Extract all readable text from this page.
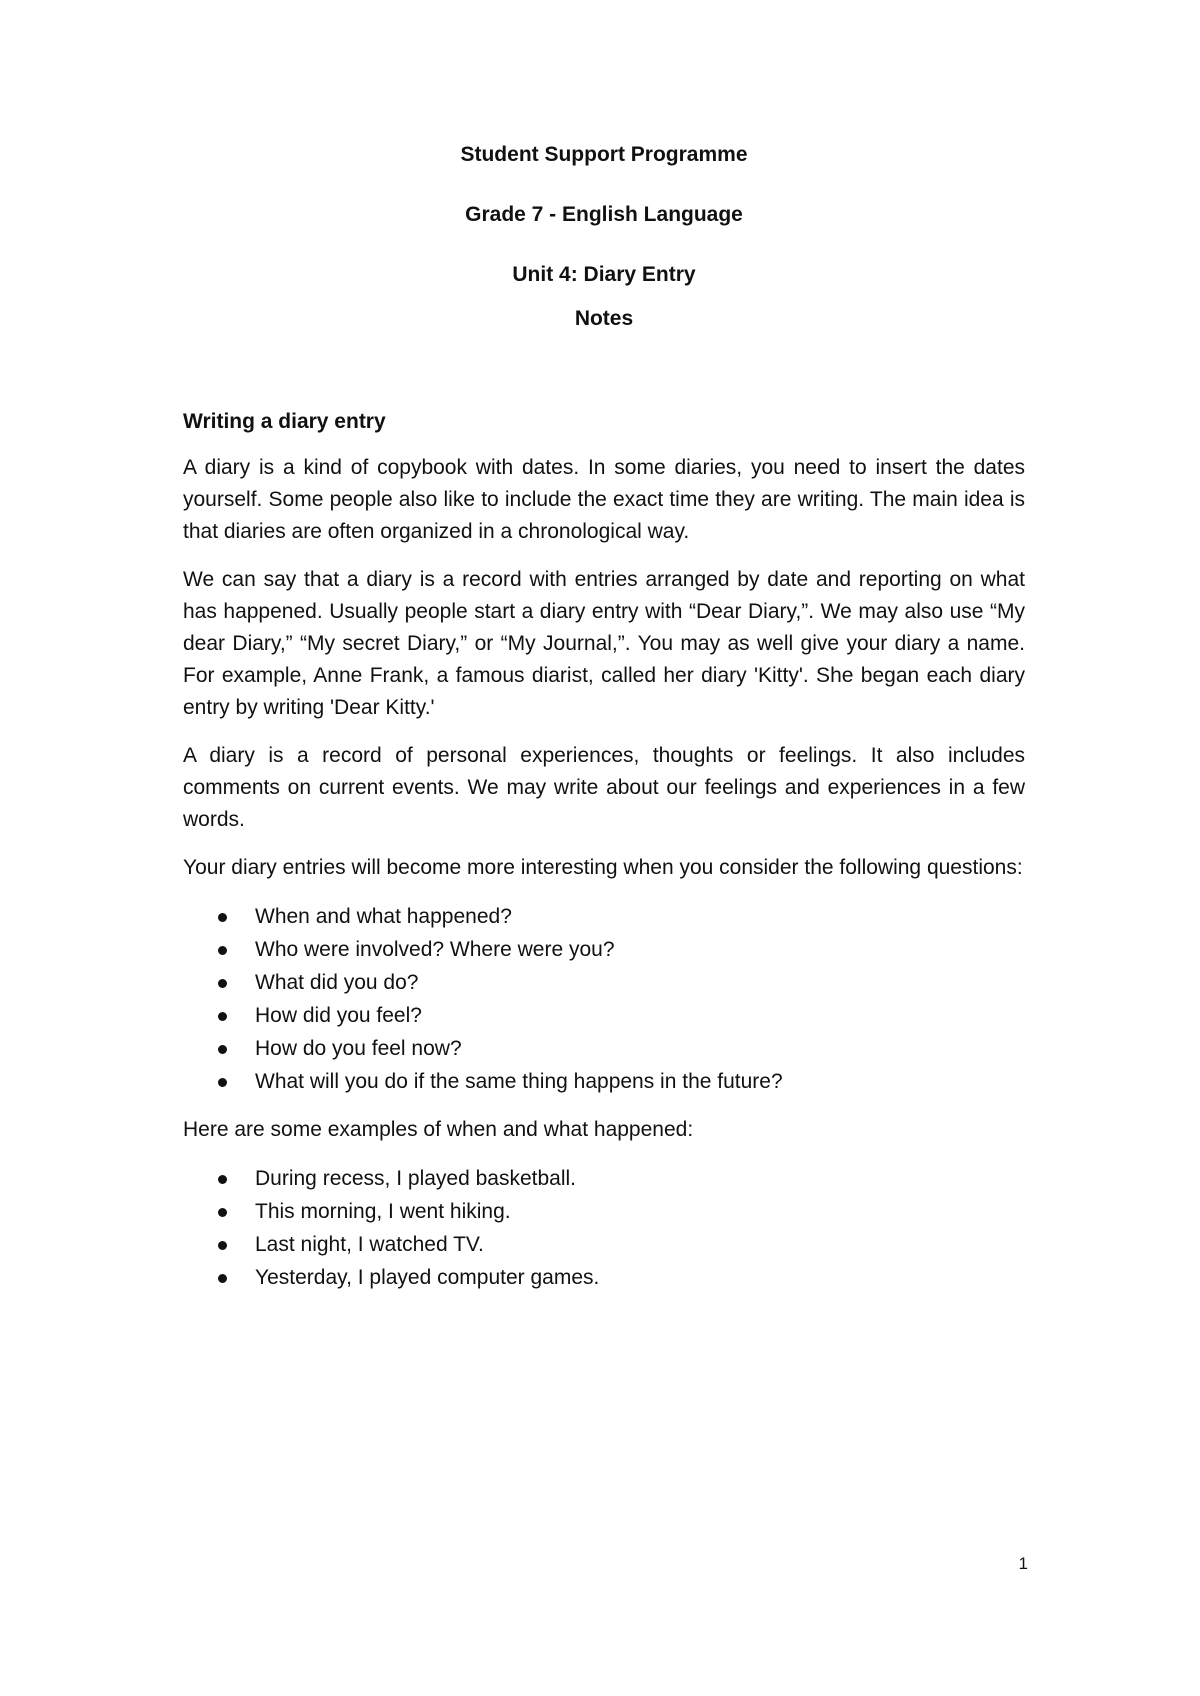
Student Support Programme

Grade 7 - English Language

Unit 4: Diary Entry

Notes

Writing a diary entry

A diary is a kind of copybook with dates. In some diaries, you need to insert the dates yourself. Some people also like to include the exact time they are writing. The main idea is that diaries are often organized in a chronological way.

We can say that a diary is a record with entries arranged by date and reporting on what has happened. Usually people start a diary entry with “Dear Diary,”. We may also use “My dear Diary,” “My secret Diary,” or “My Journal,”. You may as well give your diary a name. For example, Anne Frank, a famous diarist, called her diary 'Kitty'. She began each diary entry by writing 'Dear Kitty.'

A diary is a record of personal experiences, thoughts or feelings. It also includes comments on current events. We may write about our feelings and experiences in a few words.

Your diary entries will become more interesting when you consider the following questions:

When and what happened?
Who were involved? Where were you?
What did you do?
How did you feel?
How do you feel now?
What will you do if the same thing happens in the future?

Here are some examples of when and what happened:

During recess, I played basketball.
This morning, I went hiking.
Last night, I watched TV.
Yesterday, I played computer games.
1
